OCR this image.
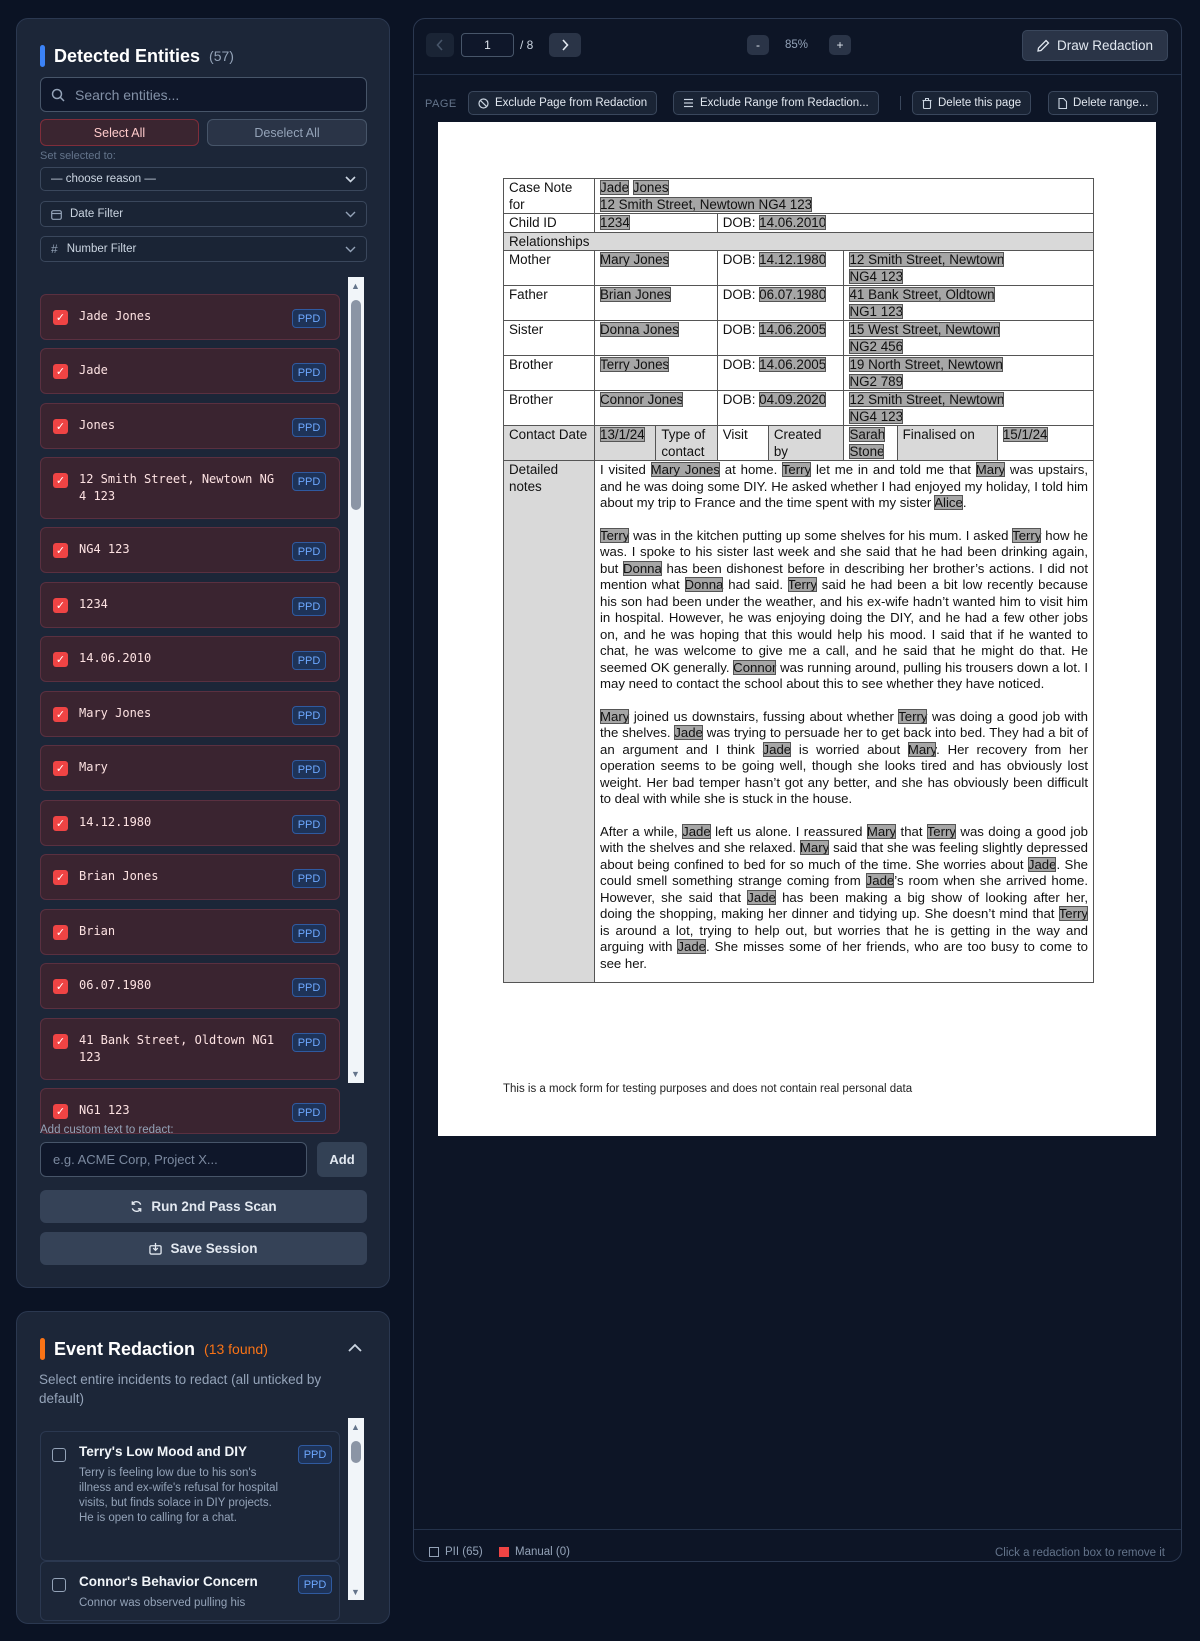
Detected Entities (57)
Search entities...
Select All	Deselect All
Set selected to:
— choose reason —
Date Filter
# Number Filter
✓ Jade Jones	PPD
✓ Jade	PPD
✓ Jones	PPD
✓ 12 Smith Street, Newtown NG 4 123
PPD
✓ NG4 123	PPD
✓ 1234	PPD
✓ 14.06.2010	PPD
✓ Mary Jones	PPD
✓ Mary	PPD
✓ 14.12.1980	PPD
✓ Brian Jones	PPD
✓ Brian	PPD
✓ 06.07.1980	PPD
✓ 41 Bank Street, Oldtown NG1 123
PPD
✓ NG1 123	PPD
▲
▼
Add custom text to redact:
e.g. ACME Corp, Project X...
Add
Run 2nd Pass Scan
Save Session
Event Redaction (13 found)
Select entire incidents to redact (all unticked by default)
Terry's Low Mood and DIY
Terry is feeling low due to his son's illness and ex-wife's refusal for hospital visits, but finds solace in DIY projects. He is open to calling for a chat.
PPD
Connor's Behavior Concern
Connor was observed pulling his
PPD
▲
▼
1
/ 8	-	85%	+	Draw Redaction
PAGE	Exclude Page from Redaction	Exclude Range from Redaction...	Delete this page	Delete range...
Case Note for	Jade Jones
12 Smith Street, Newtown NG4 123						
Child ID	1234		DOB: 14.06.2010				
Relationships							
Mother	Mary Jones		DOB: 14.12.1980		12 Smith Street, Newtown
NG4 123		
Father	Brian Jones		DOB: 06.07.1980		41 Bank Street, Oldtown
NG1 123		
Sister	Donna Jones		DOB: 14.06.2005		15 West Street, Newtown
NG2 456		
Brother	Terry Jones		DOB: 14.06.2005		19 North Street, Newtown
NG2 789		
Brother	Connor Jones		DOB: 04.09.2020		12 Smith Street, Newtown
NG4 123		
Contact Date	13/1/24	Type of contact	Visit	Created by	Sarah Stone	Finalised on	15/1/24
Detailed notes	I visited Mary Jones at home. Terry let me in and told me that Mary was upstairs, and he was doing some DIY. He asked whether I had enjoyed my holiday, I told him about my trip to France and the time spent with my sister Alice.

Terry was in the kitchen putting up some shelves for his mum. I asked Terry how he was. I spoke to his sister last week and she said that he had been drinking again, but Donna has been dishonest before in describing her brother’s actions. I did not mention what Donna had said. Terry said he had been a bit low recently because his son had been under the weather, and his ex-wife hadn’t wanted him to visit him in hospital. However, he was enjoying doing the DIY, and he had a few other jobs on, and he was hoping that this would help his mood. I said that if he wanted to chat, he was welcome to give me a call, and he said that he might do that. He seemed OK generally. Connor was running around, pulling his trousers down a lot. I may need to contact the school about this to see whether they have noticed.

Mary joined us downstairs, fussing about whether Terry was doing a good job with the shelves. Jade was trying to persuade her to get back into bed. They had a bit of an argument and I think Jade is worried about Mary. Her recovery from her operation seems to be going well, though she looks tired and has obviously lost weight. Her bad temper hasn’t got any better, and she has obviously been difficult to deal with while she is stuck in the house.

After a while, Jade left us alone. I reassured Mary that Terry was doing a good job with the shelves and she relaxed. Mary said that she was feeling slightly depressed about being confined to bed for so much of the time. She worries about Jade. She could smell something strange coming from Jade’s room when she arrived home. However, she said that Jade has been making a big show of looking after her, doing the shopping, making her dinner and tidying up. She doesn’t mind that Terry is around a lot, trying to help out, but worries that he is getting in the way and arguing with Jade. She misses some of her friends, who are too busy to come to see her.						

This is a mock form for testing purposes and does not contain real personal data
PII (65)	Manual (0)	Click a redaction box to remove it
